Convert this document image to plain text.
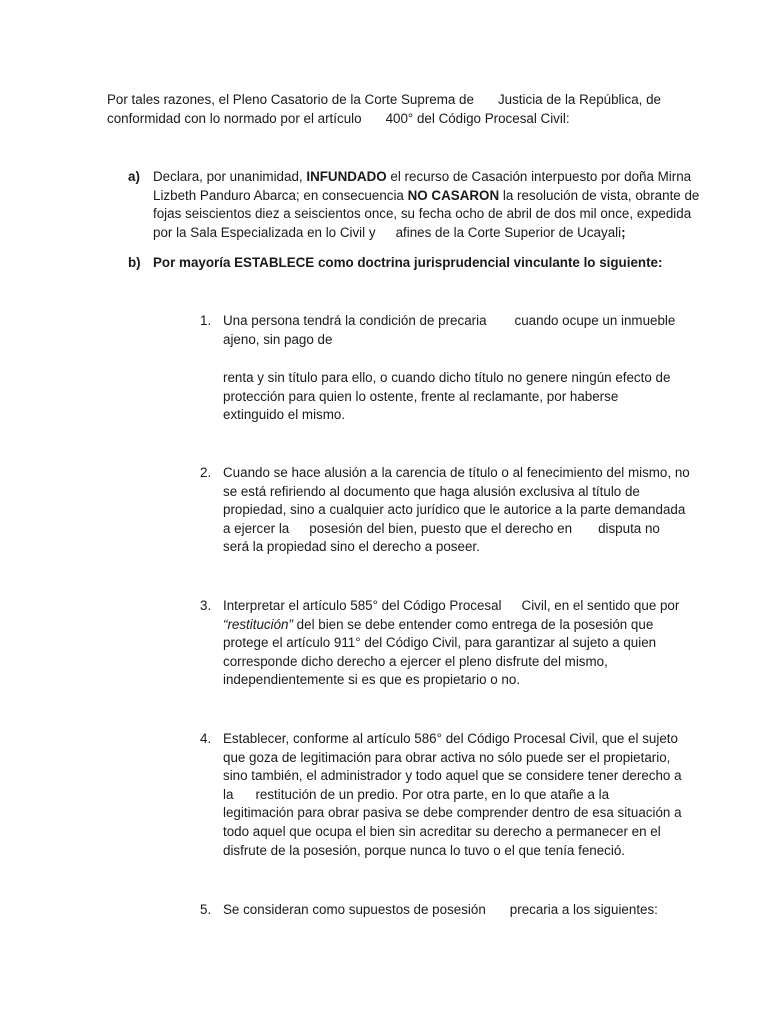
Por tales razones, el Pleno Casatorio de la Corte Suprema de Justicia de la República, de
conformidad con lo normado por el artículo 400° del Código Procesal Civil:
a) Declara, por unanimidad, INFUNDADO el recurso de Casación interpuesto por doña Mirna
Lizbeth Panduro Abarca; en consecuencia NO CASARON la resolución de vista, obrante de
fojas seiscientos diez a seiscientos once, su fecha ocho de abril de dos mil once, expedida
por la Sala Especializada en lo Civil y afines de la Corte Superior de Ucayali;
b) Por mayoría ESTABLECE como doctrina jurisprudencial vinculante lo siguiente:
1. Una persona tendrá la condición de precaria cuando ocupe un inmueble
ajeno, sin pago de
renta y sin título para ello, o cuando dicho título no genere ningún efecto de
protección para quien lo ostente, frente al reclamante, por haberse
extinguido el mismo.
2. Cuando se hace alusión a la carencia de título o al fenecimiento del mismo, no
se está refiriendo al documento que haga alusión exclusiva al título de
propiedad, sino a cualquier acto jurídico que le autorice a la parte demandada
a ejercer la posesión del bien, puesto que el derecho en disputa no
será la propiedad sino el derecho a poseer.
3. Interpretar el artículo 585° del Código Procesal Civil, en el sentido que por
“restitución” del bien se debe entender como entrega de la posesión que
protege el artículo 911° del Código Civil, para garantizar al sujeto a quien
corresponde dicho derecho a ejercer el pleno disfrute del mismo,
independientemente si es que es propietario o no.
4. Establecer, conforme al artículo 586° del Código Procesal Civil, que el sujeto
que goza de legitimación para obrar activa no sólo puede ser el propietario,
sino también, el administrador y todo aquel que se considere tener derecho a
la restitución de un predio. Por otra parte, en lo que atañe a la
legitimación para obrar pasiva se debe comprender dentro de esa situación a
todo aquel que ocupa el bien sin acreditar su derecho a permanecer en el
disfrute de la posesión, porque nunca lo tuvo o el que tenía feneció.
5. Se consideran como supuestos de posesión precaria a los siguientes:
